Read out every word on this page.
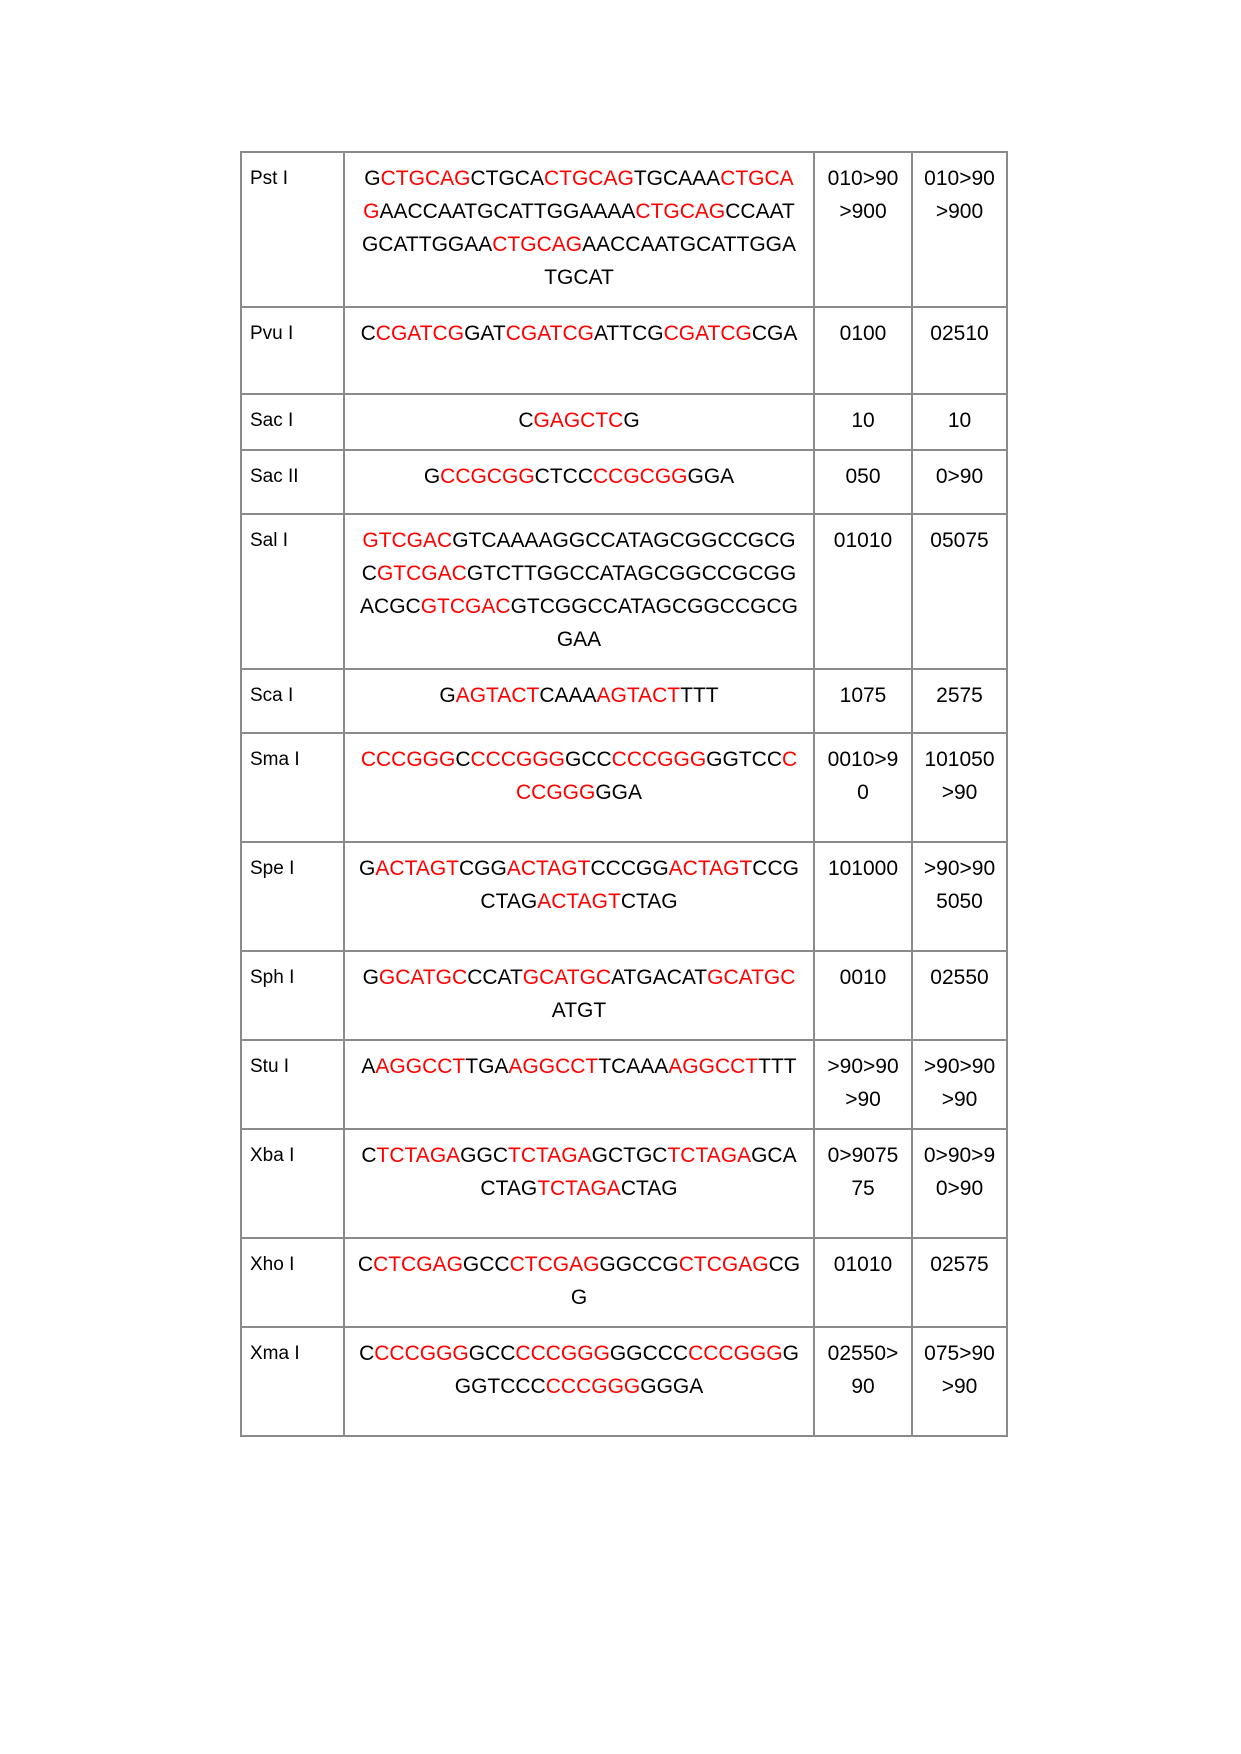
Pst I	GCTGCAGCTGCACTGCAGTGCAAACTGCAGAACCAATGCATTGGAAAACTGCAGCCAATGCATTGGAACTGCAGAACCAATGCATTGGATGCAT	010>90>900	010>90>900
Pvu I	CCGATCGGATCGATCGATTCGCGATCGCGA	0100	02510
Sac I	CGAGCTCG	10	10
Sac II	GCCGCGGCTCCCCGCGGGGA	050	0>90
Sal I	GTCGACGTCAAAAGGCCATAGCGGCCGCGCGTCGACGTCTTGGCCATAGCGGCCGCGGACGCGTCGACGTCGGCCATAGCGGCCGCGGAA	01010	05075
Sca I	GAGTACTCAAAAGTACTTTT	1075	2575
Sma I	CCCGGGCCCCGGGGCCCCCGGGGGTCCCCCGGGGGA	0010>90	101050>90
Spe I	GACTAGTCGGACTAGTCCCGGACTAGTCCGCTAGACTAGTCTAG	101000	>90>905050
Sph I	GGCATGCCCATGCATGCATGACATGCATGCATGT	0010	02550
Stu I	AAGGCCTTGAAGGCCTTCAAAAGGCCTTTT	>90>90>90	>90>90>90
Xba I	CTCTAGAGGCTCTAGAGCTGCTCTAGAGCACTAGTCTAGACTAG	0>907575	0>90>90>90
Xho I	CCTCGAGGCCCTCGAGGGCCGCTCGAGCGG	01010	02575
Xma I	CCCCGGGGCCCCCGGGGGCCCCCCGGGGGGTCCCCCCGGGGGGA	02550>90	075>90>90
